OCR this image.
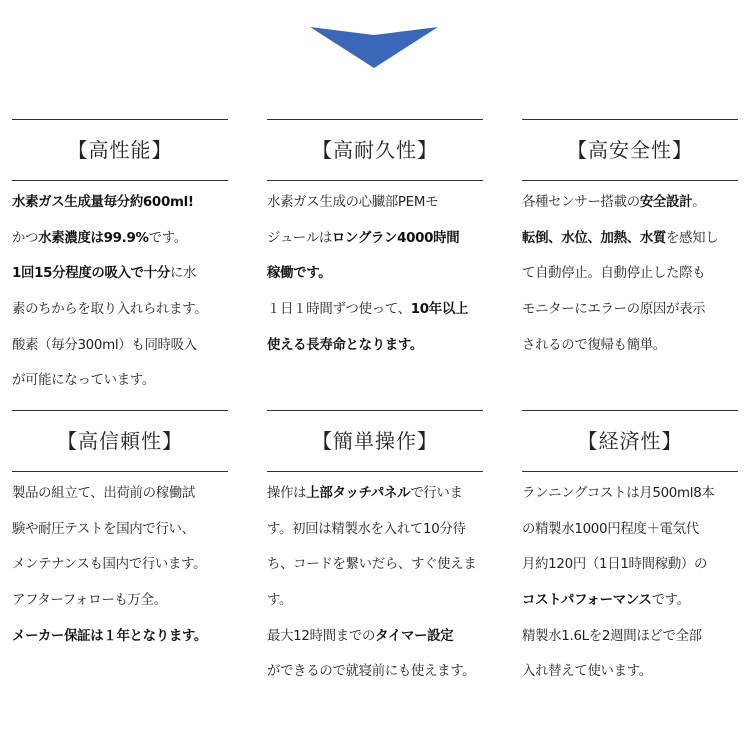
【高性能】
水素ガス生成量毎分約600ml!
かつ水素濃度は99.9%です。
1回15分程度の吸入で十分に水
素のちからを取り入れられます。
酸素（毎分300ml）も同時吸入
が可能になっています。
【高耐久性】
水素ガス生成の心臓部PEMモ
ジュールはロングラン4000時間
稼働です。
１日１時間ずつ使って、10年以上
使える長寿命となります。
【高安全性】
各種センサー搭載の安全設計。
転倒、水位、加熱、水質を感知し
て自動停止。自動停止した際も
モニターにエラーの原因が表示
されるので復帰も簡単。
【高信頼性】
製品の組立て、出荷前の稼働試
験や耐圧テストを国内で行い、
メンテナンスも国内で行います。
アフターフォローも万全。
メーカー保証は１年となります。
【簡単操作】
操作は上部タッチパネルで行いま
す。初回は精製水を入れて10分待
ち、コードを繋いだら、すぐ使えま
す。
最大12時間までのタイマー設定
ができるので就寝前にも使えます。
【経済性】
ランニングコストは月500ml8本
の精製水1000円程度＋電気代
月約120円（1日1時間稼動）の
コストパフォーマンスです。
精製水1.6Lを2週間ほどで全部
入れ替えて使います。
